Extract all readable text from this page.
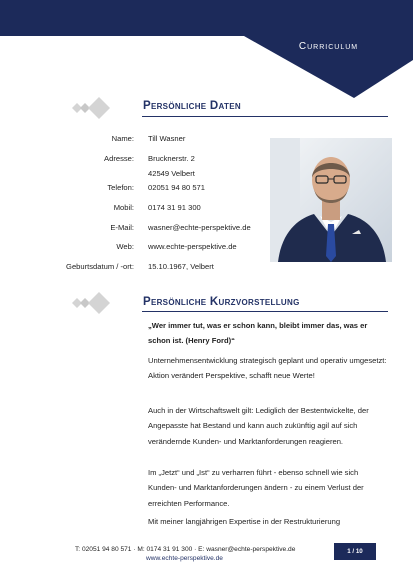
Curriculum
Persönliche Daten
Name: Till Wasner
Adresse: Brucknerstr. 2
42549 Velbert
Telefon: 02051 94 80 571
Mobil: 0174 31 91 300
E-Mail: wasner@echte-perspektive.de
Web: www.echte-perspektive.de
Geburtsdatum / -ort: 15.10.1967, Velbert
Persönliche Kurzvorstellung
„Wer immer tut, was er schon kann, bleibt immer das, was er schon ist. (Henry Ford)“
Unternehmensentwicklung strategisch geplant und operativ umgesetzt: Aktion verändert Perspektive, schafft neue Werte!
Auch in der Wirtschaftswelt gilt: Lediglich der Bestentwickelte, der Angepasste hat Bestand und kann auch zukünftig agil auf sich verändernde Kunden- und Marktanforderungen reagieren.
Im „Jetzt“ und „Ist“ zu verharren führt - ebenso schnell wie sich Kunden- und Marktanforderungen ändern - zu einem Verlust der erreichten Performance.
Mit meiner langjährigen Expertise in der Restrukturierung
T: 02051 94 80 571 · M: 0174 31 91 300 · E: wasner@echte-perspektive.de
www.echte-perspektive.de
1 / 10
